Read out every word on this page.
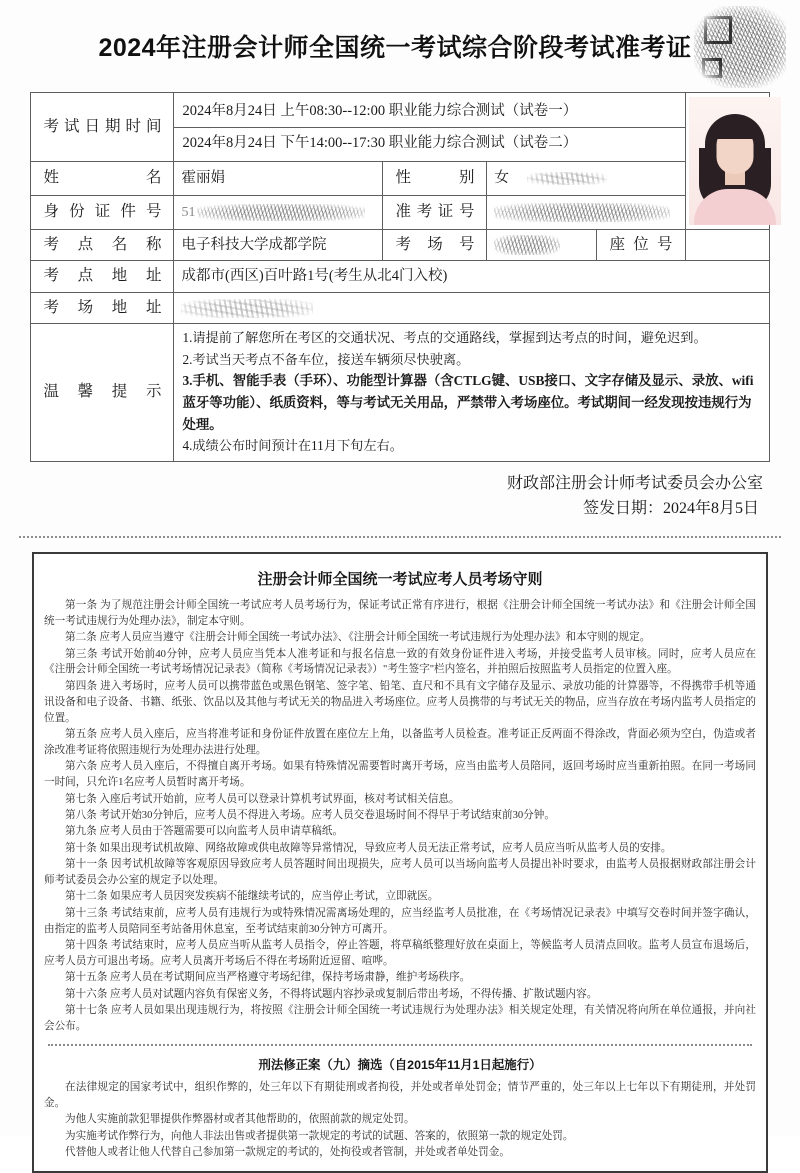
2024年注册会计师全国统一考试综合阶段考试准考证
考试日期时间	2024年8月24日 上午08:30--12:00 职业能力综合测试（试卷一）
2024年8月24日 下午14:00--17:30 职业能力综合测试（试卷二）				

姓　　　名	霍丽娟	性　　别	女		
身份证件号	51	准考证号			
考点名称	电子科技大学成都学院	考场号		座位号	
考点地址	成都市(西区)百叶路1号(考生从北4门入校)				
考场地址					
温馨提示	1.请提前了解您所在考区的交通状况、考点的交通路线，掌握到达考点的时间，避免迟到。
2.考试当天考点不备车位，接送车辆须尽快驶离。
3.手机、智能手表（手环）、功能型计算器（含CTLG键、USB接口、文字存储及显示、录放、wifi蓝牙等功能）、纸质资料，等与考试无关用品，严禁带入考场座位。考试期间一经发现按违规行为处理。
4.成绩公布时间预计在11月下旬左右。				
财政部注册会计师考试委员会办公室
签发日期：2024年8月5日
注册会计师全国统一考试应考人员考场守则

第一条 为了规范注册会计师全国统一考试应考人员考场行为，保证考试正常有序进行，根据《注册会计师全国统一考试办法》和《注册会计师全国统一考试违规行为处理办法》，制定本守则。

第二条 应考人员应当遵守《注册会计师全国统一考试办法》、《注册会计师全国统一考试违规行为处理办法》和本守则的规定。

第三条 考试开始前40分钟，应考人员应当凭本人准考证和与报名信息一致的有效身份证件进入考场，并接受监考人员审核。同时，应考人员应在《注册会计师全国统一考试考场情况记录表》（简称《考场情况记录表》）"考生签字"栏内签名，并拍照后按照监考人员指定的位置入座。

第四条 进入考场时，应考人员可以携带蓝色或黑色钢笔、签字笔、铅笔、直尺和不具有文字储存及显示、录放功能的计算器等，不得携带手机等通讯设备和电子设备、书籍、纸张、饮品以及其他与考试无关的物品进入考场座位。应考人员携带的与考试无关的物品，应当存放在考场内监考人员指定的位置。

第五条 应考人员入座后，应当将准考证和身份证件放置在座位左上角，以备监考人员检查。准考证正反两面不得涂改，背面必须为空白，伪造或者涂改准考证将依照违规行为处理办法进行处理。

第六条 应考人员入座后，不得擅自离开考场。如果有特殊情况需要暂时离开考场，应当由监考人员陪同，返回考场时应当重新拍照。在同一考场同一时间，只允许1名应考人员暂时离开考场。

第七条 入座后考试开始前，应考人员可以登录计算机考试界面，核对考试相关信息。

第八条 考试开始30分钟后，应考人员不得进入考场。应考人员交卷退场时间不得早于考试结束前30分钟。

第九条 应考人员由于答题需要可以向监考人员申请草稿纸。

第十条 如果出现考试机故障、网络故障或供电故障等异常情况，导致应考人员无法正常考试，应考人员应当听从监考人员的安排。

第十一条 因考试机故障等客观原因导致应考人员答题时间出现损失，应考人员可以当场向监考人员提出补时要求，由监考人员报据财政部注册会计师考试委员会办公室的规定予以处理。

第十二条 如果应考人员因突发疾病不能继续考试的，应当停止考试，立即就医。

第十三条 考试结束前，应考人员有违规行为或特殊情况需离场处理的，应当经监考人员批准，在《考场情况记录表》中填写交卷时间并签字确认，由指定的监考人员陪同至考站备用休息室，至考试结束前30分钟方可离开。

第十四条 考试结束时，应考人员应当听从监考人员指令，停止答题，将草稿纸整理好放在桌面上，等候监考人员清点回收。监考人员宣布退场后，应考人员方可退出考场。应考人员离开考场后不得在考场附近逗留、喧哗。

第十五条 应考人员在考试期间应当严格遵守考场纪律，保持考场肃静，维护考场秩序。

第十六条 应考人员对试题内容负有保密义务，不得将试题内容抄录或复制后带出考场，不得传播、扩散试题内容。

第十七条 应考人员如果出现违规行为，将按照《注册会计师全国统一考试违规行为处理办法》相关规定处理，有关情况将向所在单位通报，并向社会公布。

刑法修正案（九）摘选（自2015年11月1日起施行）

在法律规定的国家考试中，组织作弊的，处三年以下有期徒刑或者拘役，并处或者单处罚金；情节严重的，处三年以上七年以下有期徒刑，并处罚金。

为他人实施前款犯罪提供作弊器材或者其他帮助的，依照前款的规定处罚。

为实施考试作弊行为，向他人非法出售或者提供第一款规定的考试的试题、答案的，依照第一款的规定处罚。

代替他人或者让他人代替自己参加第一款规定的考试的，处拘役或者管制，并处或者单处罚金。
